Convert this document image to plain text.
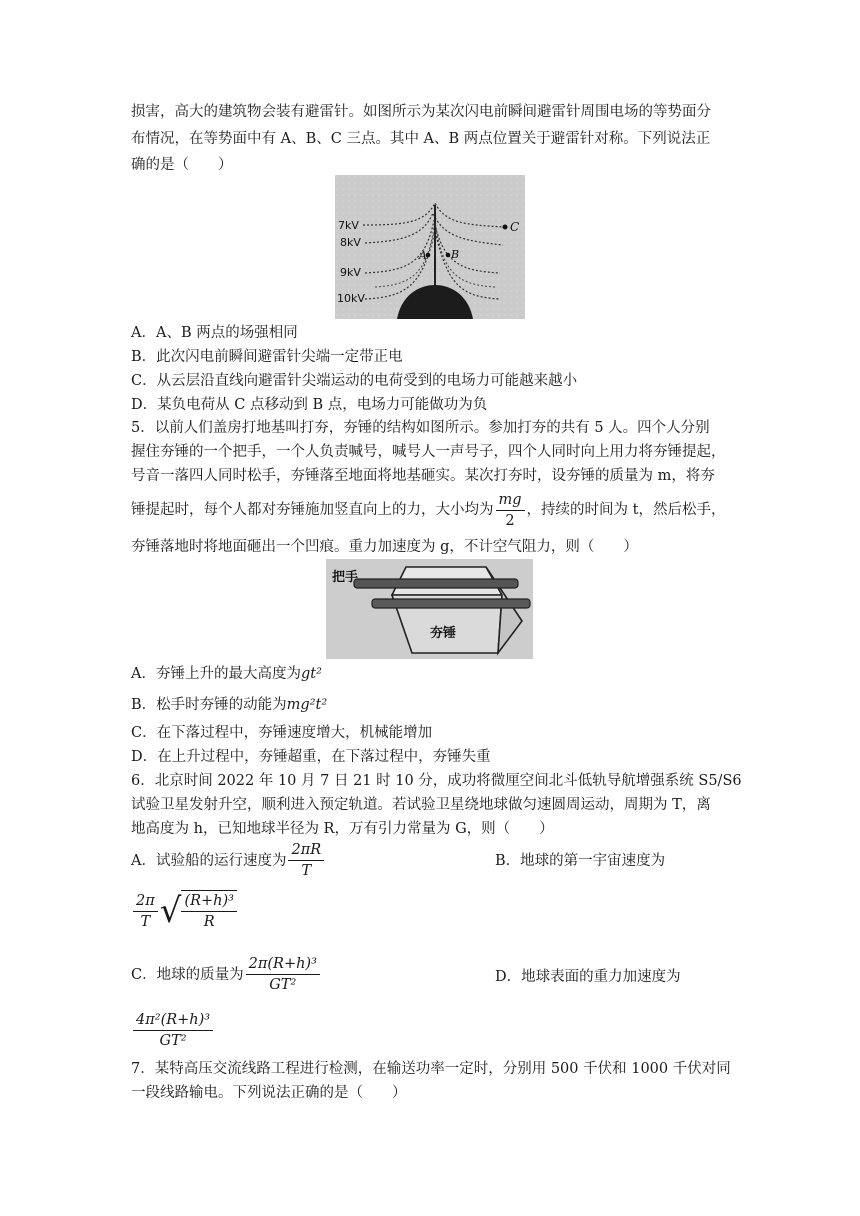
损害，高大的建筑物会装有避雷针。如图所示为某次闪电前瞬间避雷针周围电场的等势面分
布情况，在等势面中有 A、B、C 三点。其中 A、B 两点位置关于避雷针对称。下列说法正
确的是（　　）
7kV
8kV
9kV
10kV
A B
C
A．A、B 两点的场强相同
B．此次闪电前瞬间避雷针尖端一定带正电
C．从云层沿直线向避雷针尖端运动的电荷受到的电场力可能越来越小
D．某负电荷从 C 点移动到 B 点，电场力可能做功为负
5．以前人们盖房打地基叫打夯，夯锤的结构如图所示。参加打夯的共有 5 人。四个人分别
握住夯锤的一个把手，一个人负责喊号，喊号人一声号子，四个人同时向上用力将夯锤提起，
号音一落四人同时松手，夯锤落至地面将地基砸实。某次打夯时，设夯锤的质量为 m，将夯
锤提起时，每个人都对夯锤施加竖直向上的力，大小均为 $\frac{mg}{2}$ ，持续的时间为 t，然后松手，
夯锤落地时将地面砸出一个凹痕。重力加速度为 g，不计空气阻力，则（　　）
把手
夯锤
A．夯锤上升的最大高度为gt²
B．松手时夯锤的动能为mg²t²
C．在下落过程中，夯锤速度增大，机械能增加
D．在上升过程中，夯锤超重，在下落过程中，夯锤失重
6．北京时间 2022 年 10 月 7 日 21 时 10 分，成功将微厘空间北斗低轨导航增强系统 S5/S6
试验卫星发射升空，顺利进入预定轨道。若试验卫星绕地球做匀速圆周运动，周期为 T，离
地高度为 h，已知地球半径为 R，万有引力常量为 G，则（　　）
A．试验船的运行速度为 $\frac{2\pi R}{T}$	B．地球的第一宇宙速度为
$\frac{2\pi}{T}$ √ $\frac{\text{(R+h)³}}{R}$
C．地球的质量为 $\frac{\text{2π(R+h)³}}{\text{GT²}}$	D．地球表面的重力加速度为
$\frac{\text{4π²(R+h)³}}{\text{GT²}}$
7．某特高压交流线路工程进行检测，在输送功率一定时，分别用 500 千伏和 1000 千伏对同
一段线路输电。下列说法正确的是（　　）
